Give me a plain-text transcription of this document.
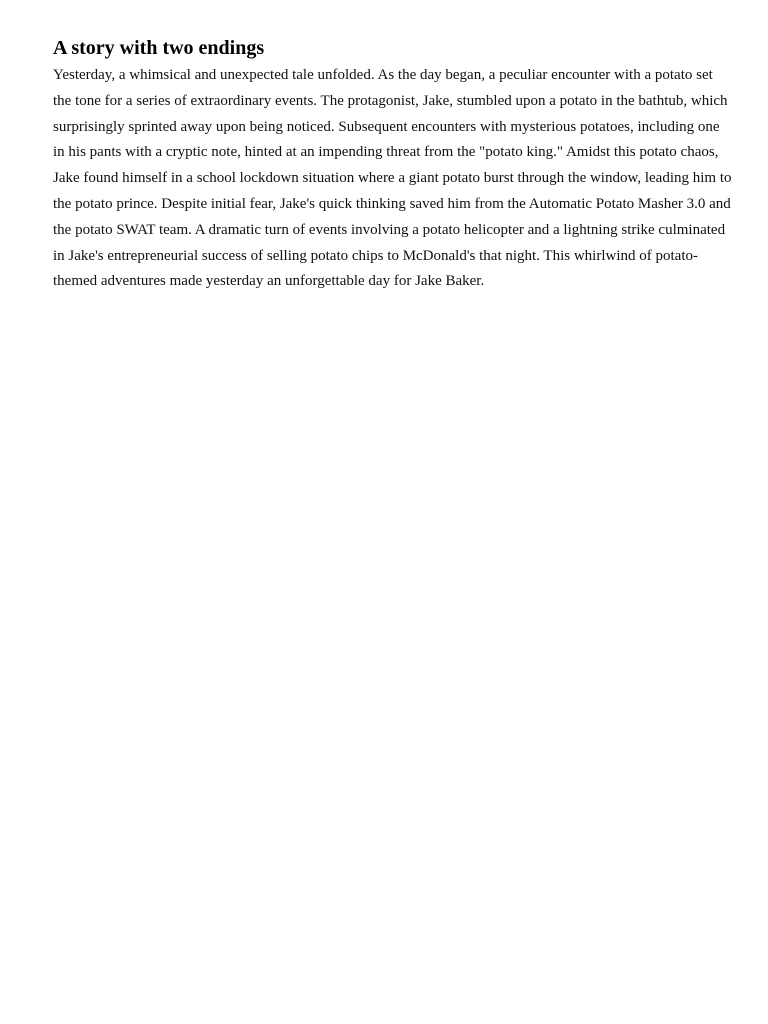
A story with two endings

Yesterday, a whimsical and unexpected tale unfolded. As the day began, a peculiar encounter with a potato set the tone for a series of extraordinary events. The protagonist, Jake, stumbled upon a potato in the bathtub, which surprisingly sprinted away upon being noticed. Subsequent encounters with mysterious potatoes, including one in his pants with a cryptic note, hinted at an impending threat from the "potato king." Amidst this potato chaos, Jake found himself in a school lockdown situation where a giant potato burst through the window, leading him to the potato prince. Despite initial fear, Jake's quick thinking saved him from the Automatic Potato Masher 3.0 and the potato SWAT team. A dramatic turn of events involving a potato helicopter and a lightning strike culminated in Jake's entrepreneurial success of selling potato chips to McDonald's that night. This whirlwind of potato-themed adventures made yesterday an unforgettable day for Jake Baker.
